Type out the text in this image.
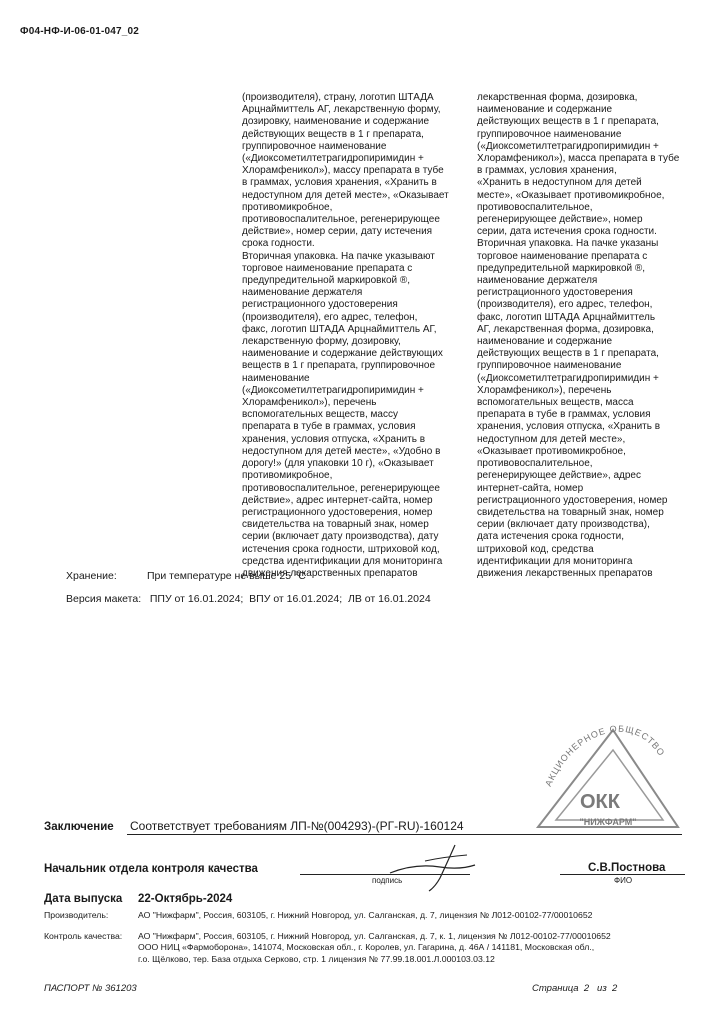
Ф04-НФ-И-06-01-047_02
(производителя), страну, логотип ШТАДА
Арцнаймиттель АГ, лекарственную форму,
дозировку, наименование и содержание
действующих веществ в 1 г препарата,
группировочное наименование
(«Диоксометилтетрагидропиримидин +
Хлорамфеникол»), массу препарата в тубе
в граммах, условия хранения, «Хранить в
недоступном для детей месте», «Оказывает
противомикробное,
противовоспалительное, регенерирующее
действие», номер серии, дату истечения
срока годности.
Вторичная упаковка. На пачке указывают
торговое наименование препарата с
предупредительной маркировкой ®,
наименование держателя
регистрационного удостоверения
(производителя), его адрес, телефон,
факс, логотип ШТАДА Арцнаймиттель АГ,
лекарственную форму, дозировку,
наименование и содержание действующих
веществ в 1 г препарата, группировочное
наименование
(«Диоксометилтетрагидропиримидин +
Хлорамфеникол»), перечень
вспомогательных веществ, массу
препарата в тубе в граммах, условия
хранения, условия отпуска, «Хранить в
недоступном для детей месте», «Удобно в
дорогу!» (для упаковки 10 г), «Оказывает
противомикробное,
противовоспалительное, регенерирующее
действие», адрес интернет-сайта, номер
регистрационного удостоверения, номер
свидетельства на товарный знак, номер
серии (включает дату производства), дату
истечения срока годности, штриховой код,
средства идентификации для мониторинга
движения лекарственных препаратов
лекарственная форма, дозировка,
наименование и содержание
действующих веществ в 1 г препарата,
группировочное наименование
(«Диоксометилтетрагидропиримидин +
Хлорамфеникол»), масса препарата в тубе
в граммах, условия хранения,
«Хранить в недоступном для детей
месте», «Оказывает противомикробное,
противовоспалительное,
регенерирующее действие», номер
серии, дата истечения срока годности.
Вторичная упаковка. На пачке указаны
торговое наименование препарата с
предупредительной маркировкой ®,
наименование держателя
регистрационного удостоверения
(производителя), его адрес, телефон,
факс, логотип ШТАДА Арцнаймиттель
АГ, лекарственная форма, дозировка,
наименование и содержание
действующих веществ в 1 г препарата,
группировочное наименование
(«Диоксометилтетрагидропиримидин +
Хлорамфеникол»), перечень
вспомогательных веществ, масса
препарата в тубе в граммах, условия
хранения, условия отпуска, «Хранить в
недоступном для детей месте»,
«Оказывает противомикробное,
противовоспалительное,
регенерирующее действие», адрес
интернет-сайта, номер
регистрационного удостоверения, номер
свидетельства на товарный знак, номер
серии (включает дату производства),
дата истечения срока годности,
штриховой код, средства
идентификации для мониторинга
движения лекарственных препаратов
Хранение:	При температуре не выше 25 °С
Версия макета:   ППУ от 16.01.2024;  ВПУ от 16.01.2024;  ЛВ от 16.01.2024
АКЦИОНЕРНОЕ ОБЩЕСТВО
ОКК
"НИЖФАРМ"
Заключение Соответствует требованиям ЛП-№(004293)-(РГ-RU)-160124
Начальник отдела контроля качества
подпись
С.В.Постнова
ФИО
Дата выпуска 22-Октябрь-2024
Производитель:	АО "Нижфарм", Россия, 603105, г. Нижний Новгород, ул. Салганская, д. 7, лицензия № Л012-00102-77/00010652
Контроль качества: АО "Нижфарм", Россия, 603105, г. Нижний Новгород, ул. Салганская, д. 7, к. 1, лицензия № Л012-00102-77/00010652
ООО НИЦ «Фармоборона», 141074, Московская обл., г. Королев, ул. Гагарина, д. 46А / 141181, Московская обл.,
г.о. Щёлково, тер. База отдыха Серково, стр. 1 лицензия № 77.99.18.001.Л.000103.03.12
ПАСПОРТ № 361203	Страница  2   из  2
